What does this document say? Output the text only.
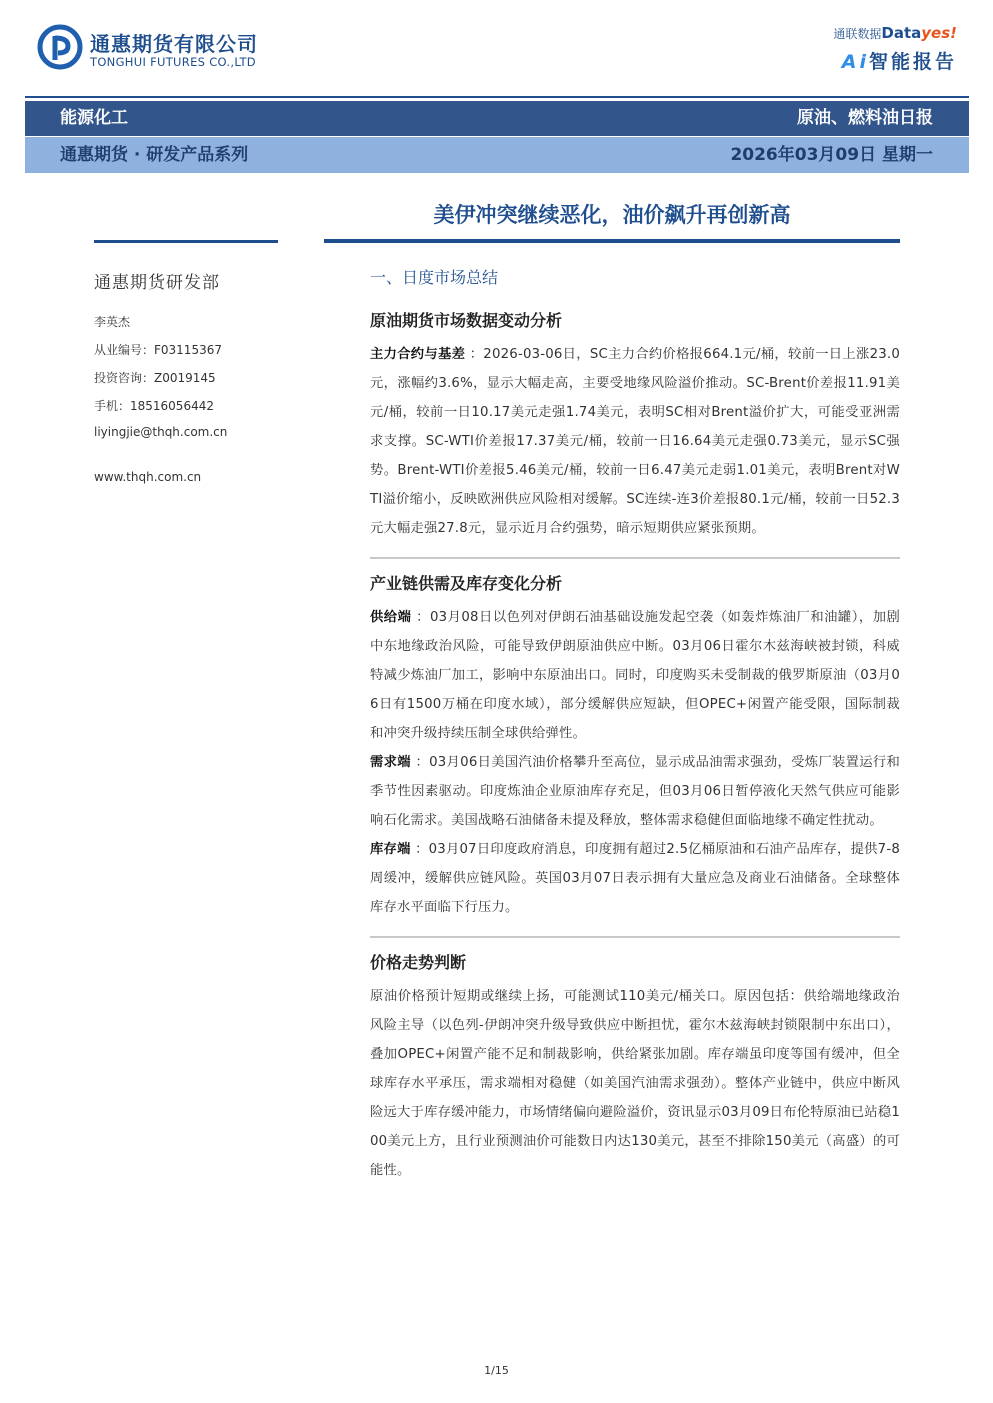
通惠期货有限公司
TONGHUI FUTURES CO.,LTD
通联数据Datayes!
Ai智能报告
能源化工	原油、燃料油日报
通惠期货 · 研发产品系列	2026年03月09日 星期一
美伊冲突继续恶化，油价飙升再创新高
通惠期货研发部
李英杰
从业编号：F03115367
投资咨询：Z0019145
手机：18516056442
liyingjie@thqh.com.cn
www.thqh.com.cn
一、日度市场总结
原油期货市场数据变动分析

主力合约与基差 ：2026-03-06日，SC主力合约价格报664.1元/桶，较前一日上涨23.0元，涨幅约3.6%，显示大幅走高，主要受地缘风险溢价推动。SC-Brent价差报11.91美元/桶，较前一日10.17美元走强1.74美元，表明SC相对Brent溢价扩大，可能受亚洲需求支撑。SC-WTI价差报17.37美元/桶，较前一日16.64美元走强0.73美元，显示SC强势。Brent-WTI价差报5.46美元/桶，较前一日6.47美元走弱1.01美元，表明Brent对WTI溢价缩小，反映欧洲供应风险相对缓解。SC连续-连3价差报80.1元/桶，较前一日52.3元大幅走强27.8元，显示近月合约强势，暗示短期供应紧张预期。

产业链供需及库存变化分析

供给端 ：03月08日以色列对伊朗石油基础设施发起空袭（如轰炸炼油厂和油罐），加剧中东地缘政治风险，可能导致伊朗原油供应中断。03月06日霍尔木兹海峡被封锁，科威特减少炼油厂加工，影响中东原油出口。同时，印度购买未受制裁的俄罗斯原油（03月06日有1500万桶在印度水域），部分缓解供应短缺，但OPEC+闲置产能受限，国际制裁和冲突升级持续压制全球供给弹性。

需求端 ：03月06日美国汽油价格攀升至高位，显示成品油需求强劲，受炼厂装置运行和季节性因素驱动。印度炼油企业原油库存充足，但03月06日暂停液化天然气供应可能影响石化需求。美国战略石油储备未提及释放，整体需求稳健但面临地缘不确定性扰动。

库存端 ：03月07日印度政府消息，印度拥有超过2.5亿桶原油和石油产品库存，提供7-8周缓冲，缓解供应链风险。英国03月07日表示拥有大量应急及商业石油储备。全球整体库存水平面临下行压力。

价格走势判断

原油价格预计短期或继续上扬，可能测试110美元/桶关口。原因包括：供给端地缘政治风险主导（以色列-伊朗冲突升级导致供应中断担忧，霍尔木兹海峡封锁限制中东出口），叠加OPEC+闲置产能不足和制裁影响，供给紧张加剧。库存端虽印度等国有缓冲，但全球库存水平承压，需求端相对稳健（如美国汽油需求强劲）。整体产业链中，供应中断风险远大于库存缓冲能力，市场情绪偏向避险溢价，资讯显示03月09日布伦特原油已站稳100美元上方，且行业预测油价可能数日内达130美元，甚至不排除150美元（高盛）的可能性。

1/15
